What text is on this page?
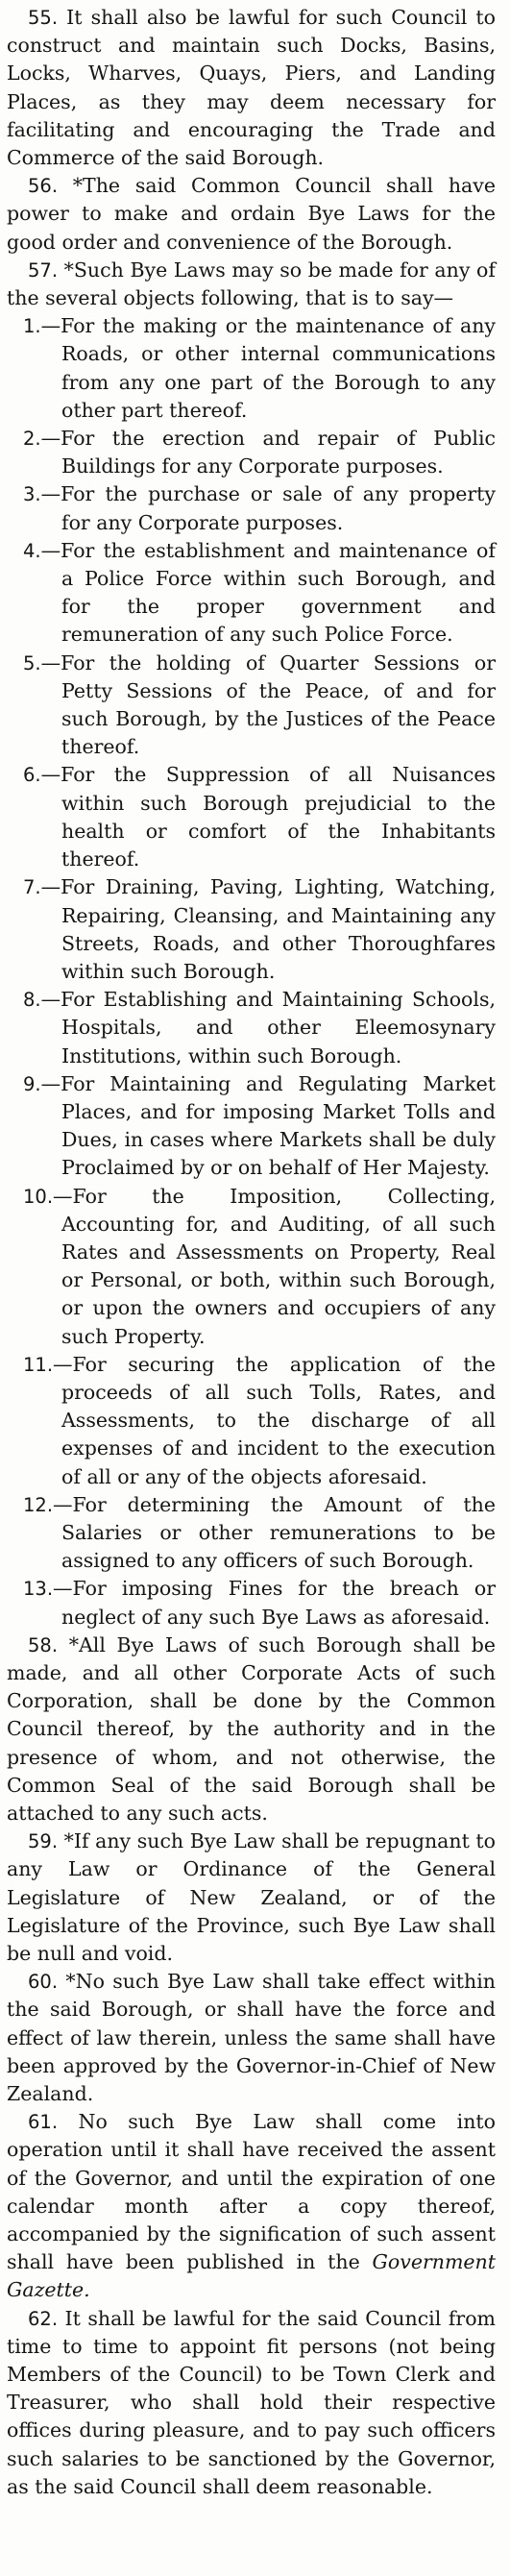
55. It shall also be lawful for such Council to construct and maintain such Docks, Basins, Locks, Wharves, Quays, Piers, and Landing Places, as they may deem necessary for facilitating and encouraging the Trade and Commerce of the said Borough.

56. *The said Common Council shall have power to make and ordain Bye Laws for the good order and convenience of the Borough.

57. *Such Bye Laws may so be made for any of the several objects following, that is to say—

1.—For the making or the maintenance of any Roads, or other internal communications from any one part of the Borough to any other part thereof.

2.—For the erection and repair of Public Buildings for any Corporate purposes.

3.—For the purchase or sale of any property for any Corporate purposes.

4.—For the establishment and maintenance of a Police Force within such Borough, and for the proper government and remuneration of any such Police Force.

5.—For the holding of Quarter Sessions or Petty Sessions of the Peace, of and for such Borough, by the Justices of the Peace thereof.

6.—For the Suppression of all Nuisances within such Borough prejudicial to the health or comfort of the Inhabitants thereof.

7.—For Draining, Paving, Lighting, Watching, Repairing, Cleansing, and Maintaining any Streets, Roads, and other Thoroughfares within such Borough.

8.—For Establishing and Maintaining Schools, Hospitals, and other Eleemosynary Institutions, within such Borough.

9.—For Maintaining and Regulating Market Places, and for imposing Market Tolls and Dues, in cases where Markets shall be duly Proclaimed by or on behalf of Her Majesty.

10.—For the Imposition, Collecting, Accounting for, and Auditing, of all such Rates and Assessments on Property, Real or Personal, or both, within such Borough, or upon the owners and occupiers of any such Property.

11.—For securing the application of the proceeds of all such Tolls, Rates, and Assessments, to the discharge of all expenses of and incident to the execution of all or any of the objects aforesaid.

12.—For determining the Amount of the Salaries or other remunerations to be assigned to any officers of such Borough.

13.—For imposing Fines for the breach or neglect of any such Bye Laws as aforesaid.

58. *All Bye Laws of such Borough shall be made, and all other Corporate Acts of such Corporation, shall be done by the Common Council thereof, by the authority and in the presence of whom, and not otherwise, the Common Seal of the said Borough shall be attached to any such acts.

59. *If any such Bye Law shall be repugnant to any Law or Ordinance of the General Legislature of New Zealand, or of the Legislature of the Province, such Bye Law shall be null and void.

60. *No such Bye Law shall take effect within the said Borough, or shall have the force and effect of law therein, unless the same shall have been approved by the Governor-in-Chief of New Zealand.

61. No such Bye Law shall come into operation until it shall have received the assent of the Governor, and until the expiration of one calendar month after a copy thereof, accompanied by the signification of such assent shall have been published in the Government Gazette.

62. It shall be lawful for the said Council from time to time to appoint fit persons (not being Members of the Council) to be Town Clerk and Treasurer, who shall hold their respective offices during pleasure, and to pay such officers such salaries to be sanctioned by the Governor, as the said Council shall deem reasonable.
